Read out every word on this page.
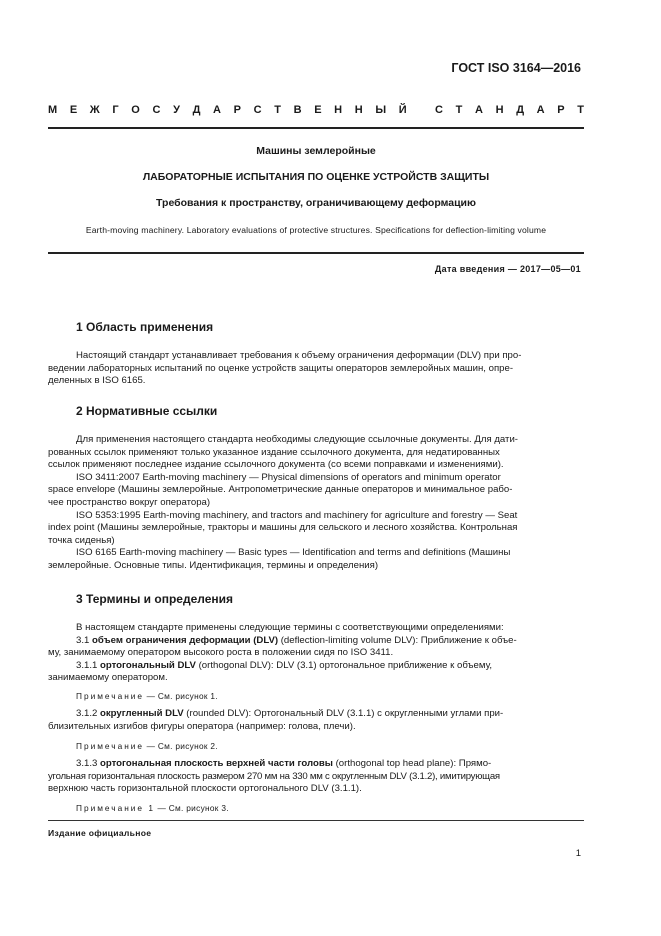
ГОСТ ISO 3164—2016
М Е Ж Г О С У Д А Р С Т В Е Н Н Ы Й
	С Т А Н Д А Р Т
Машины землеройные
ЛАБОРАТОРНЫЕ ИСПЫТАНИЯ ПО ОЦЕНКЕ УСТРОЙСТВ ЗАЩИТЫ
Требования к пространству, ограничивающему деформацию
Earth-moving machinery. Laboratory evaluations of protective structures. Specifications for deflection-limiting volume
Дата введения — 2017—05—01
1 Область применения
Настоящий стандарт устанавливает требования к объему ограничения деформации (DLV) при про-
ведении лабораторных испытаний по оценке устройств защиты операторов землеройных машин, опре-
деленных в ISO 6165.
2 Нормативные ссылки
Для применения настоящего стандарта необходимы следующие ссылочные документы. Для дати-
рованных ссылок применяют только указанное издание ссылочного документа, для недатированных
ссылок применяют последнее издание ссылочного документа (со всеми поправками и изменениями).
ISO 3411:2007 Earth-moving machinery — Physical dimensions of operators and minimum operator
space envelope (Машины землеройные. Антропометрические данные операторов и минимальное рабо-
чее пространство вокруг оператора)
ISO 5353:1995 Earth-moving machinery, and tractors and machinery for agriculture and forestry — Seat
index point (Машины землеройные, тракторы и машины для сельского и лесного хозяйства. Контрольная
точка сиденья)
ISO 6165 Earth-moving machinery — Basic types — Identification and terms and definitions (Машины
землеройные. Основные типы. Идентификация, термины и определения)
3 Термины и определения
В настоящем стандарте применены следующие термины с соответствующими определениями:
3.1 объем ограничения деформации (DLV) (deflection-limiting volume DLV): Приближение к объе-
му, занимаемому оператором высокого роста в положении сидя по ISO 3411.
3.1.1 ортогональный DLV (orthogonal DLV): DLV (3.1) ортогональное приближение к объему,
занимаемому оператором.
Примечание — См. рисунок 1.
3.1.2 округленный DLV (rounded DLV): Ортогональный DLV (3.1.1) с округленными углами при-
близительных изгибов фигуры оператора (например: голова, плечи).
Примечание — См. рисунок 2.
3.1.3 ортогональная плоскость верхней части головы (orthogonal top head plane): Прямо-
угольная горизонтальная плоскость размером 270 мм на 330 мм с округленным DLV (3.1.2), имитирующая
верхнюю часть горизонтальной плоскости ортогонального DLV (3.1.1).
Примечание 1 — См. рисунок 3.
Издание официальное
1
